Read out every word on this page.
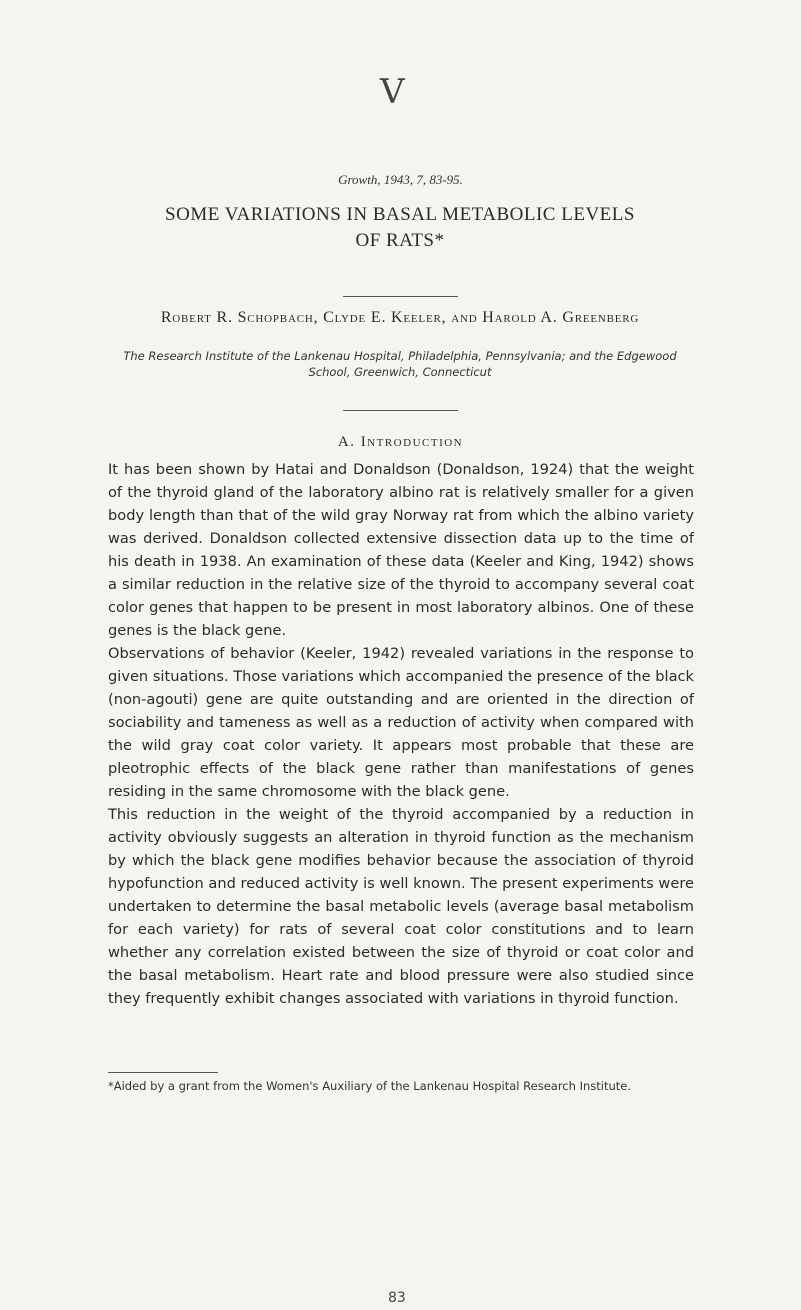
V
Growth, 1943, 7, 83-95.
SOME VARIATIONS IN BASAL METABOLIC LEVELS OF RATS*
Robert R. Schopbach, Clyde E. Keeler, and Harold A. Greenberg
The Research Institute of the Lankenau Hospital, Philadelphia, Pennsylvania; and the Edgewood School, Greenwich, Connecticut
A. Introduction

It has been shown by Hatai and Donaldson (Donaldson, 1924) that the weight of the thyroid gland of the laboratory albino rat is relatively smaller for a given body length than that of the wild gray Norway rat from which the albino variety was derived. Donaldson collected extensive dissection data up to the time of his death in 1938. An examination of these data (Keeler and King, 1942) shows a similar reduction in the relative size of the thyroid to accompany several coat color genes that happen to be present in most laboratory albinos. One of these genes is the black gene.

Observations of behavior (Keeler, 1942) revealed variations in the response to given situations. Those variations which accompanied the presence of the black (non-agouti) gene are quite outstanding and are oriented in the direction of sociability and tameness as well as a reduction of activity when compared with the wild gray coat color variety. It appears most probable that these are pleotrophic effects of the black gene rather than manifestations of genes residing in the same chromosome with the black gene.

This reduction in the weight of the thyroid accompanied by a reduction in activity obviously suggests an alteration in thyroid function as the mechanism by which the black gene modifies behavior because the association of thyroid hypofunction and reduced activity is well known. The present experiments were undertaken to determine the basal metabolic levels (average basal metabolism for each variety) for rats of several coat color constitutions and to learn whether any correlation existed between the size of thyroid or coat color and the basal metabolism. Heart rate and blood pressure were also studied since they frequently exhibit changes associated with variations in thyroid function.

*Aided by a grant from the Women's Auxiliary of the Lankenau Hospital Research Institute.
83
